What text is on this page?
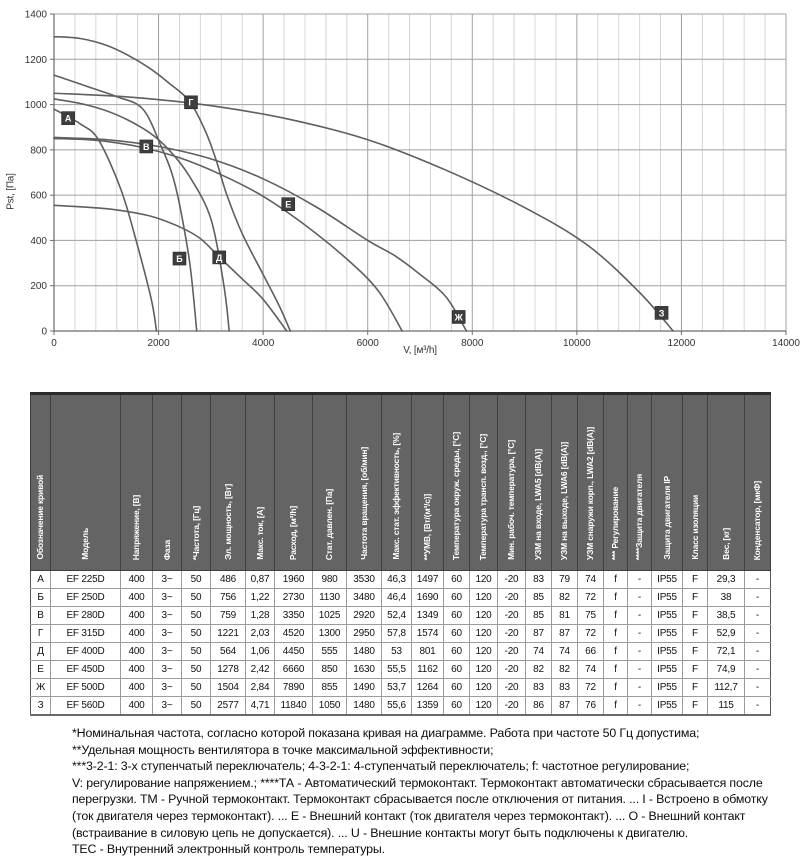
0	2000	4000	6000	8000	10000	12000	14000
0
200
400
600
800
1000
1200
1400
А
Б
В
Г
Д
Е
Ж	З
Pst, [Па]
V, [м³/h]
Обозначение кривой	Модель	Напряжение, [В]	Фаза	*Частота, [Гц]	Эл. мощность, [Вт]	Макс. ток, [А]	Расход, [м³/h]	Стат. давлен. [Па]	Частота вращения, [об/мин]	Макс. стат. эффективность, [%]	**УМВ, [Вт/(м³/с)]	Температура окруж. среды, [°C]	Температура трансп. возд., [°C]	Мин. рабоч. температура, [°C]	УЗМ на входе, LWA5 [dB(A)]	УЗМ на выходе, LWA6 [dB(A)]	УЗМ снаружи корп., LWA2 [dB(A)]	*** Регулирование	****Защита двигателя	Защита двигателя IP	Класс изоляции	Вес, [кг]	Конденсатор, [мкФ]
А	EF 225D	400	3~	50	486	0,87	1960	980	3530	46,3	1497	60	120	-20	83	79	74	f	-	IP55	F	29,3	-
Б	EF 250D	400	3~	50	756	1,22	2730	1130	3480	46,4	1690	60	120	-20	85	82	72	f	-	IP55	F	38	-
В	EF 280D	400	3~	50	759	1,28	3350	1025	2920	52,4	1349	60	120	-20	85	81	75	f	-	IP55	F	38,5	-
Г	EF 315D	400	3~	50	1221	2,03	4520	1300	2950	57,8	1574	60	120	-20	87	87	72	f	-	IP55	F	52,9	-
Д	EF 400D	400	3~	50	564	1,06	4450	555	1480	53	801	60	120	-20	74	74	66	f	-	IP55	F	72,1	-
Е	EF 450D	400	3~	50	1278	2,42	6660	850	1630	55,5	1162	60	120	-20	82	82	74	f	-	IP55	F	74,9	-
Ж	EF 500D	400	3~	50	1504	2,84	7890	855	1490	53,7	1264	60	120	-20	83	83	72	f	-	IP55	F	112,7	-
З	EF 560D	400	3~	50	2577	4,71	11840	1050	1480	55,6	1359	60	120	-20	86	87	76	f	-	IP55	F	115	-
*Номинальная частота, согласно которой показана кривая на диаграмме. Работа при частоте 50 Гц допустима;
**Удельная мощность вентилятора в точке максимальной эффективности;
***3-2-1: 3-х ступенчатый переключатель; 4-3-2-1: 4-ступенчатый переключатель; f: частотное регулирование;
V: регулирование напряжением.; ****ТА - Автоматический термоконтакт. Термоконтакт автоматически сбрасывается после
перегрузки. ТМ - Ручной термоконтакт. Термоконтакт сбрасывается после отключения от питания. ... I - Встроено в обмотку
(ток двигателя через термоконтакт). ... Е - Внешний контакт (ток двигателя через термоконтакт). ... О - Внешний контакт
(встраивание в силовую цепь не допускается). ... U - Внешние контакты могут быть подключены к двигателю.
ТЕС - Внутренний электронный контроль температуры.
